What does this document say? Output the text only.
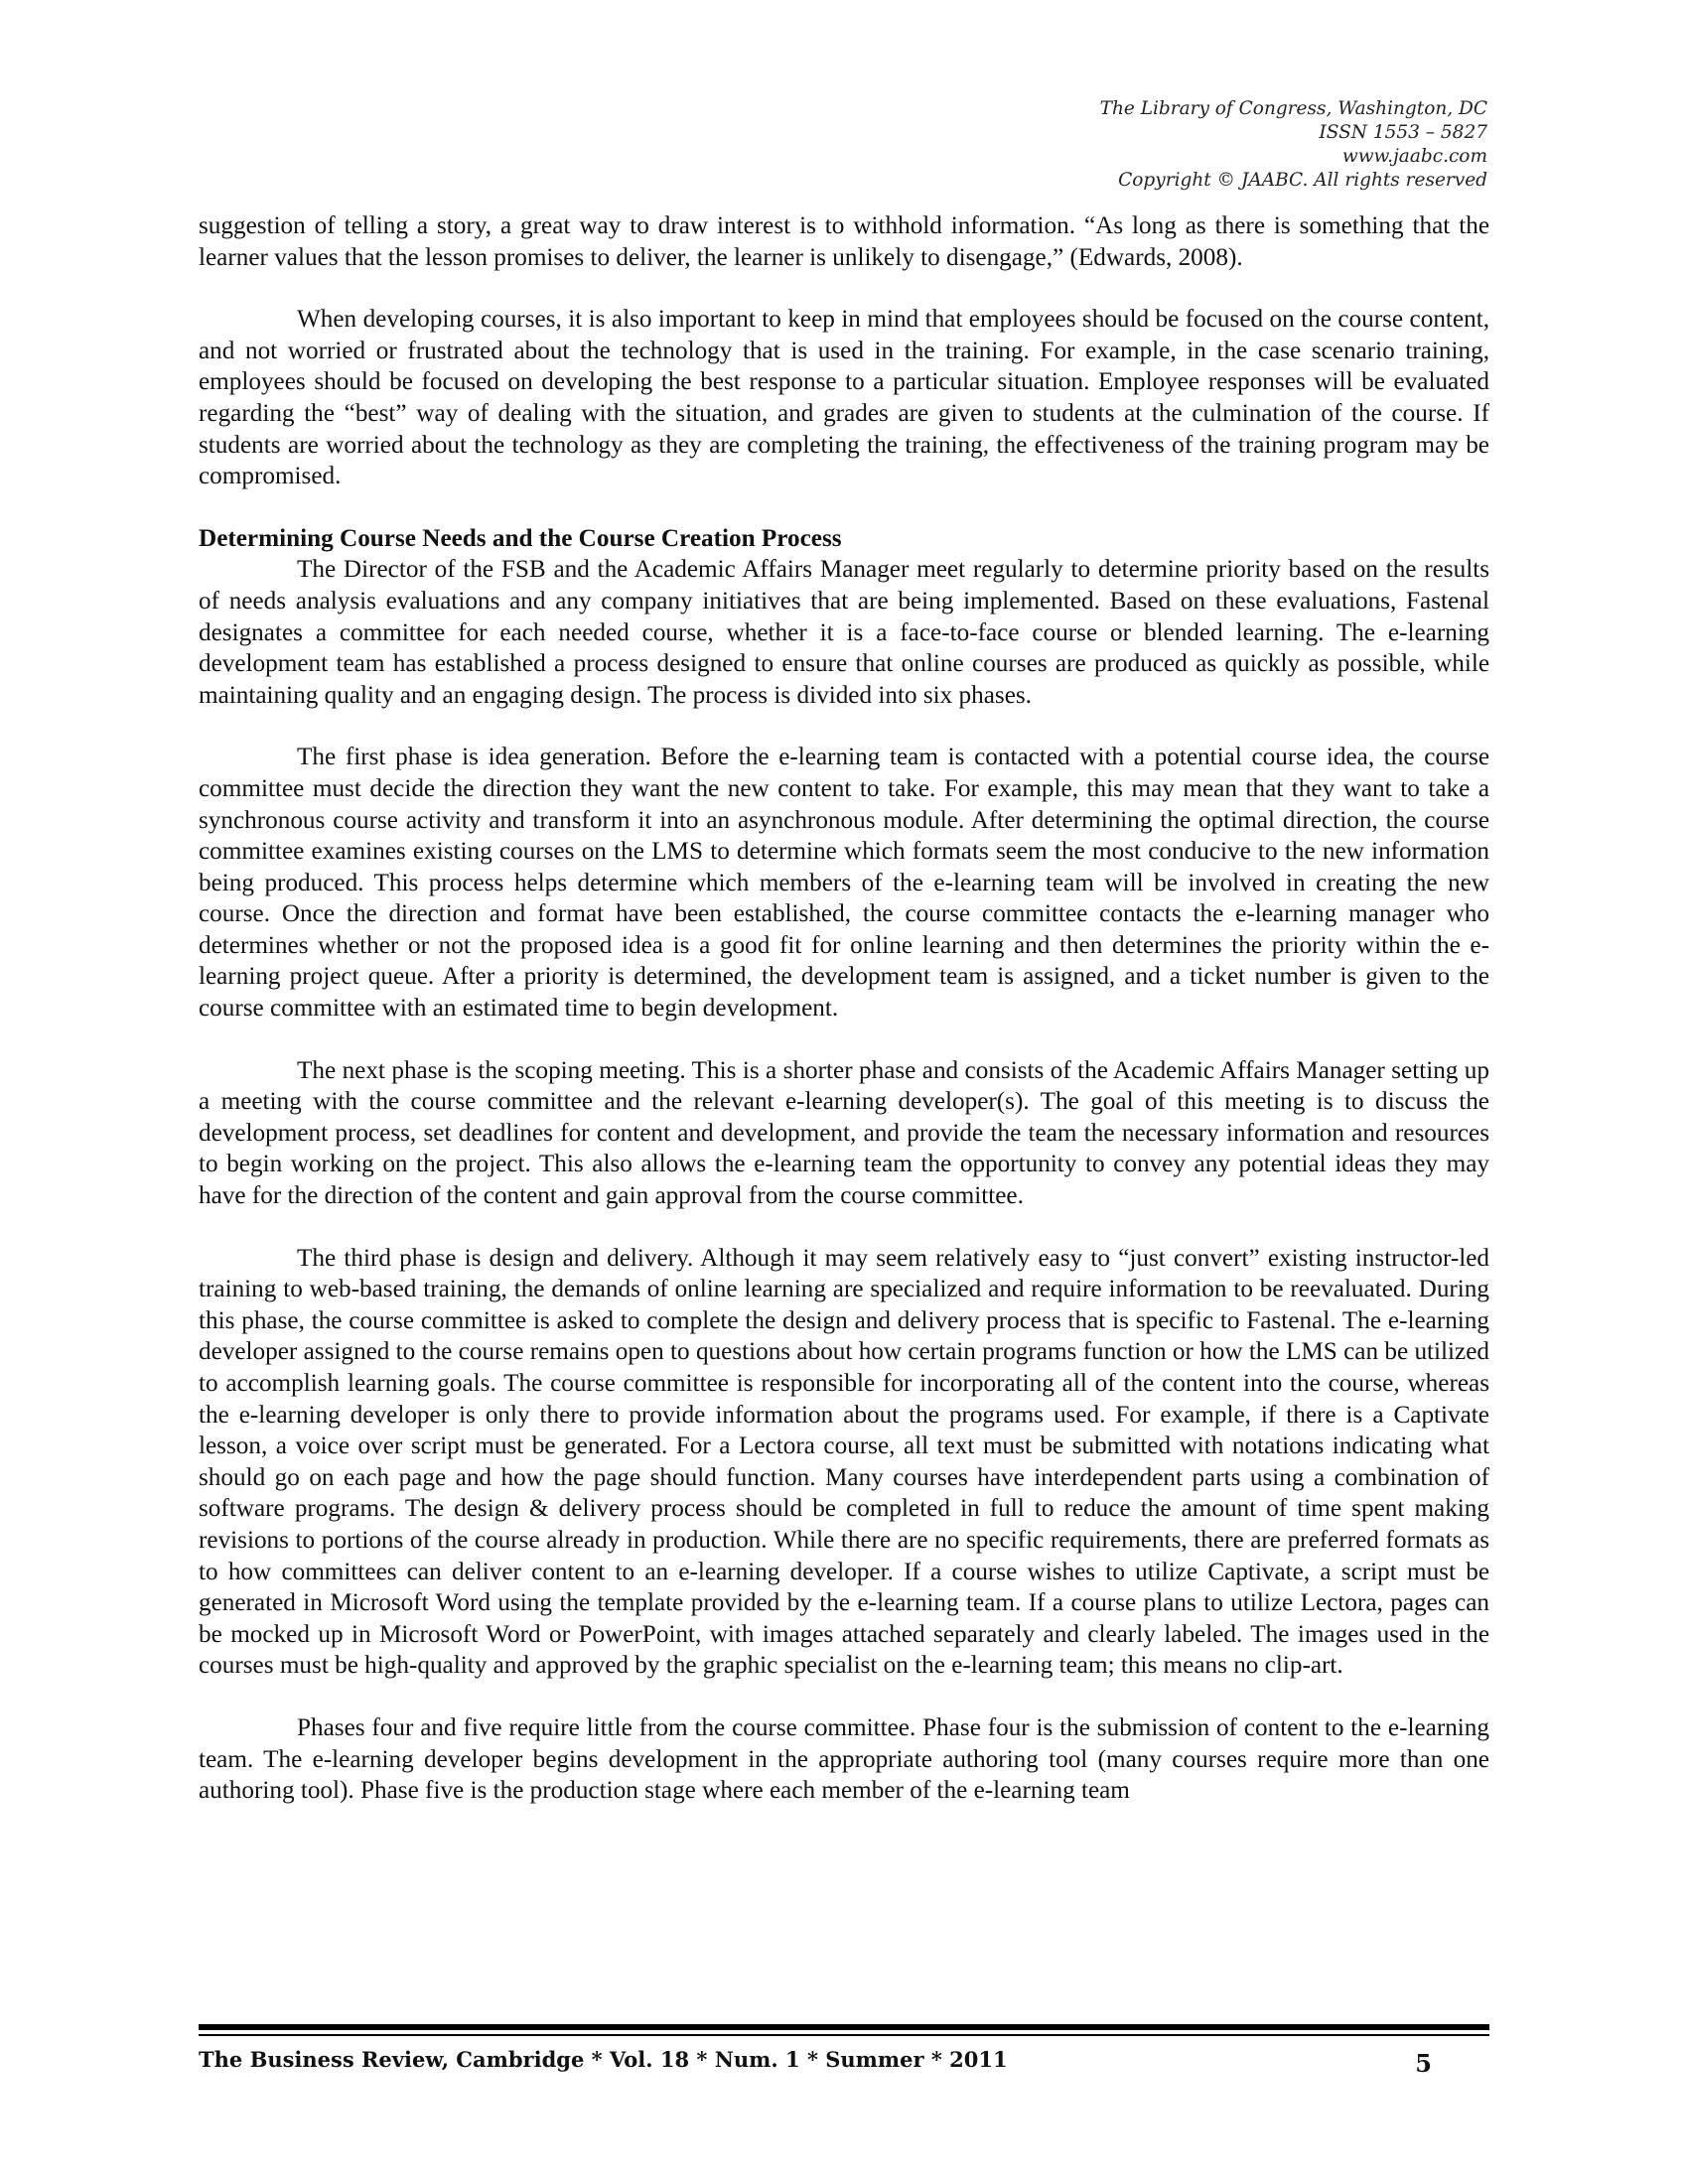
The Library of Congress, Washington, DC
ISSN 1553 – 5827
www.jaabc.com
Copyright © JAABC. All rights reserved

suggestion of telling a story, a great way to draw interest is to withhold information. “As long as there is something that the learner values that the lesson promises to deliver, the learner is unlikely to disengage,” (Edwards, 2008).

When developing courses, it is also important to keep in mind that employees should be focused on the course content, and not worried or frustrated about the technology that is used in the training. For example, in the case scenario training, employees should be focused on developing the best response to a particular situation. Employee responses will be evaluated regarding the “best” way of dealing with the situation, and grades are given to students at the culmination of the course. If students are worried about the technology as they are completing the training, the effectiveness of the training program may be compromised.

Determining Course Needs and the Course Creation Process

The Director of the FSB and the Academic Affairs Manager meet regularly to determine priority based on the results of needs analysis evaluations and any company initiatives that are being implemented. Based on these evaluations, Fastenal designates a committee for each needed course, whether it is a face-to-face course or blended learning. The e-learning development team has established a process designed to ensure that online courses are produced as quickly as possible, while maintaining quality and an engaging design. The process is divided into six phases.

The first phase is idea generation. Before the e-learning team is contacted with a potential course idea, the course committee must decide the direction they want the new content to take. For example, this may mean that they want to take a synchronous course activity and transform it into an asynchronous module. After determining the optimal direction, the course committee examines existing courses on the LMS to determine which formats seem the most conducive to the new information being produced. This process helps determine which members of the e-learning team will be involved in creating the new course. Once the direction and format have been established, the course committee contacts the e-learning manager who determines whether or not the proposed idea is a good fit for online learning and then determines the priority within the e-learning project queue. After a priority is determined, the development team is assigned, and a ticket number is given to the course committee with an estimated time to begin development.

The next phase is the scoping meeting. This is a shorter phase and consists of the Academic Affairs Manager setting up a meeting with the course committee and the relevant e-learning developer(s). The goal of this meeting is to discuss the development process, set deadlines for content and development, and provide the team the necessary information and resources to begin working on the project. This also allows the e-learning team the opportunity to convey any potential ideas they may have for the direction of the content and gain approval from the course committee.

The third phase is design and delivery. Although it may seem relatively easy to “just convert” existing instructor-led training to web-based training, the demands of online learning are specialized and require information to be reevaluated. During this phase, the course committee is asked to complete the design and delivery process that is specific to Fastenal. The e-learning developer assigned to the course remains open to questions about how certain programs function or how the LMS can be utilized to accomplish learning goals. The course committee is responsible for incorporating all of the content into the course, whereas the e-learning developer is only there to provide information about the programs used. For example, if there is a Captivate lesson, a voice over script must be generated. For a Lectora course, all text must be submitted with notations indicating what should go on each page and how the page should function. Many courses have interdependent parts using a combination of software programs. The design & delivery process should be completed in full to reduce the amount of time spent making revisions to portions of the course already in production. While there are no specific requirements, there are preferred formats as to how committees can deliver content to an e-learning developer. If a course wishes to utilize Captivate, a script must be generated in Microsoft Word using the template provided by the e-learning team. If a course plans to utilize Lectora, pages can be mocked up in Microsoft Word or PowerPoint, with images attached separately and clearly labeled. The images used in the courses must be high-quality and approved by the graphic specialist on the e-learning team; this means no clip-art.

Phases four and five require little from the course committee. Phase four is the submission of content to the e-learning team. The e-learning developer begins development in the appropriate authoring tool (many courses require more than one authoring tool). Phase five is the production stage where each member of the e-learning team

The Business Review, Cambridge * Vol. 18 * Num. 1 * Summer * 2011	5
